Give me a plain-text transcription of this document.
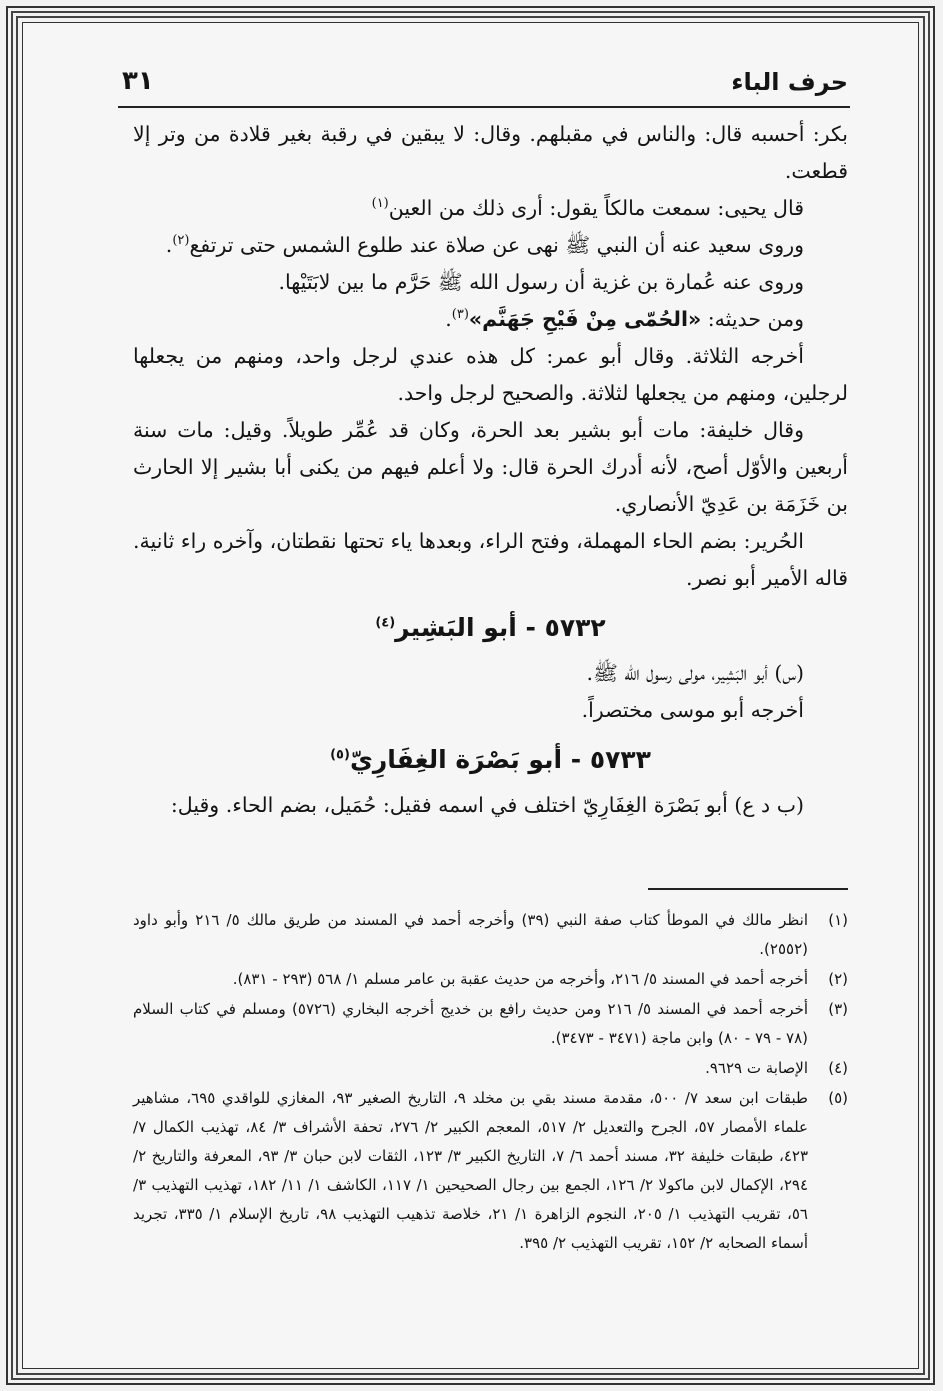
حرف الباء
٣١

بكر: أحسبه قال: والناس في مقبلهم. وقال: لا يبقين في رقبة بغير قلادة من وتر إلا قطعت.

قال يحيى: سمعت مالكاً يقول: أرى ذلك من العين$^{(١)}$

وروى سعيد عنه أن النبي ﷺ نهى عن صلاة عند طلوع الشمس حتى ترتفع$^{(٢)}$.

وروى عنه عُمارة بن غزية أن رسول الله ﷺ حَرَّم ما بين لابَتَيْها.

ومن حديثه: «الحُمّى مِنْ فَيْحِ جَهَنَّم»$^{(٣)}$.

أخرجه الثلاثة. وقال أبو عمر: كل هذه عندي لرجل واحد، ومنهم من يجعلها لرجلين، ومنهم من يجعلها لثلاثة. والصحيح لرجل واحد.

وقال خليفة: مات أبو بشير بعد الحرة، وكان قد عُمِّر طويلاً. وقيل: مات سنة أربعين والأوّل أصح، لأنه أدرك الحرة قال: ولا أعلم فيهم من يكنى أبا بشير إلا الحارث بن خَزَمَة بن عَدِيّ الأنصاري.

الحُرير: بضم الحاء المهملة، وفتح الراء، وبعدها ياء تحتها نقطتان، وآخره راء ثانية. قاله الأمير أبو نصر.

٥٧٣٢ - أبو البَشِير$^{(٤)}$

(س) أبو البَشِير، مولى رسول الله ﷺ.

أخرجه أبو موسى مختصراً.

٥٧٣٣ - أبو بَصْرَة الغِفَارِيّ$^{(٥)}$

(ب د ع) أبو بَصْرَة الغِفَارِيّ اختلف في اسمه فقيل: حُمَيل، بضم الحاء. وقيل:

(١)
انظر مالك في الموطأ كتاب صفة النبي (٣٩) وأخرجه أحمد في المسند من طريق مالك ٥/ ٢١٦ وأبو داود (٢٥٥٢).
(٢)
أخرجه أحمد في المسند ٥/ ٢١٦، وأخرجه من حديث عقبة بن عامر مسلم ١/ ٥٦٨ (٢٩٣ - ٨٣١).
(٣)
أخرجه أحمد في المسند ٥/ ٢١٦ ومن حديث رافع بن خديج أخرجه البخاري (٥٧٢٦) ومسلم في كتاب السلام (٧٨ - ٧٩ - ٨٠) وابن ماجة (٣٤٧١ - ٣٤٧٣).
(٤)
الإصابة ت ٩٦٢٩.
(٥)
طبقات ابن سعد ٧/ ٥٠٠، مقدمة مسند بقي بن مخلد ٩، التاريخ الصغير ٩٣، المغازي للواقدي ٦٩٥، مشاهير علماء الأمصار ٥٧، الجرح والتعديل ٢/ ٥١٧، المعجم الكبير ٢/ ٢٧٦، تحفة الأشراف ٣/ ٨٤، تهذيب الكمال ٧/ ٤٢٣، طبقات خليفة ٣٢، مسند أحمد ٦/ ٧، التاريخ الكبير ٣/ ١٢٣، الثقات لابن حبان ٣/ ٩٣، المعرفة والتاريخ ٢/ ٢٩٤، الإكمال لابن ماكولا ٢/ ١٢٦، الجمع بين رجال الصحيحين ١/ ١١٧، الكاشف ١/ ١١/ ١٨٢، تهذيب التهذيب ٣/ ٥٦، تقريب التهذيب ١/ ٢٠٥، النجوم الزاهرة ١/ ٢١، خلاصة تذهيب التهذيب ٩٨، تاريخ الإسلام ١/ ٣٣٥، تجريد أسماء الصحابه ٢/ ١٥٢، تقريب التهذيب ٢/ ٣٩٥.
